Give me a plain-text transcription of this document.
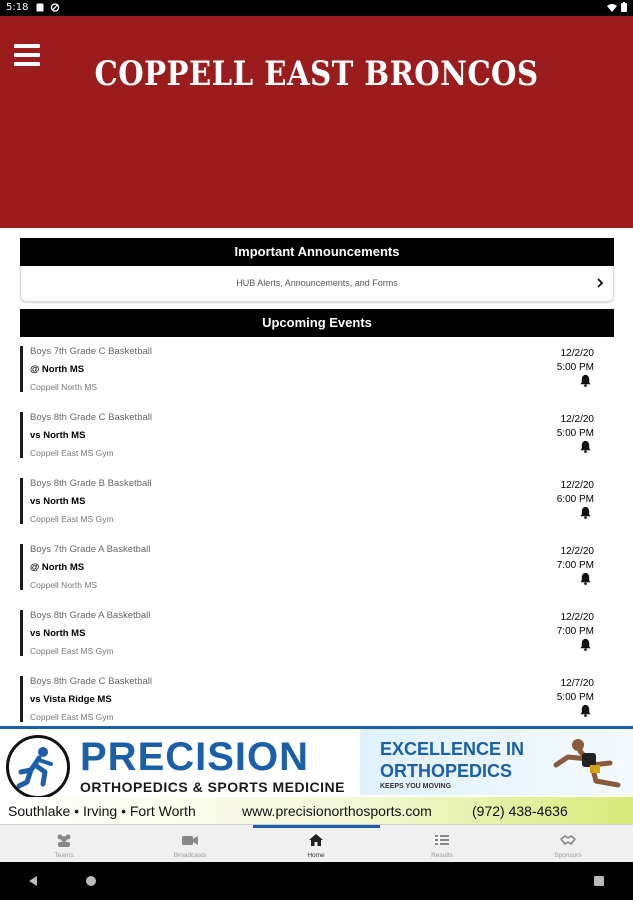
5:18
COPPELL EAST BRONCOS
Important Announcements
HUB Alerts, Announcements, and Forms
Upcoming Events
Boys 7th Grade C Basketball
@ North MS
Coppell North MS
12/2/20
5:00 PM
Boys 8th Grade C Basketball
vs North MS
Coppell East MS Gym
12/2/20
5:00 PM
Boys 8th Grade B Basketball
vs North MS
Coppell East MS Gym
12/2/20
6:00 PM
Boys 7th Grade A Basketball
@ North MS
Coppell North MS
12/2/20
7:00 PM
Boys 8th Grade A Basketball
vs North MS
Coppell East MS Gym
12/2/20
7:00 PM
Boys 8th Grade C Basketball
vs Vista Ridge MS
Coppell East MS Gym
12/7/20
5:00 PM
PRECISION
ORTHOPEDICS & SPORTS MEDICINE
EXCELLENCE IN
ORTHOPEDICS
KEEPS YOU MOVING
Southlake • Irving • Fort Worth	www.precisionorthosports.com	(972) 438-4636
Teams	Broadcasts	Home	Results	Sponsors
